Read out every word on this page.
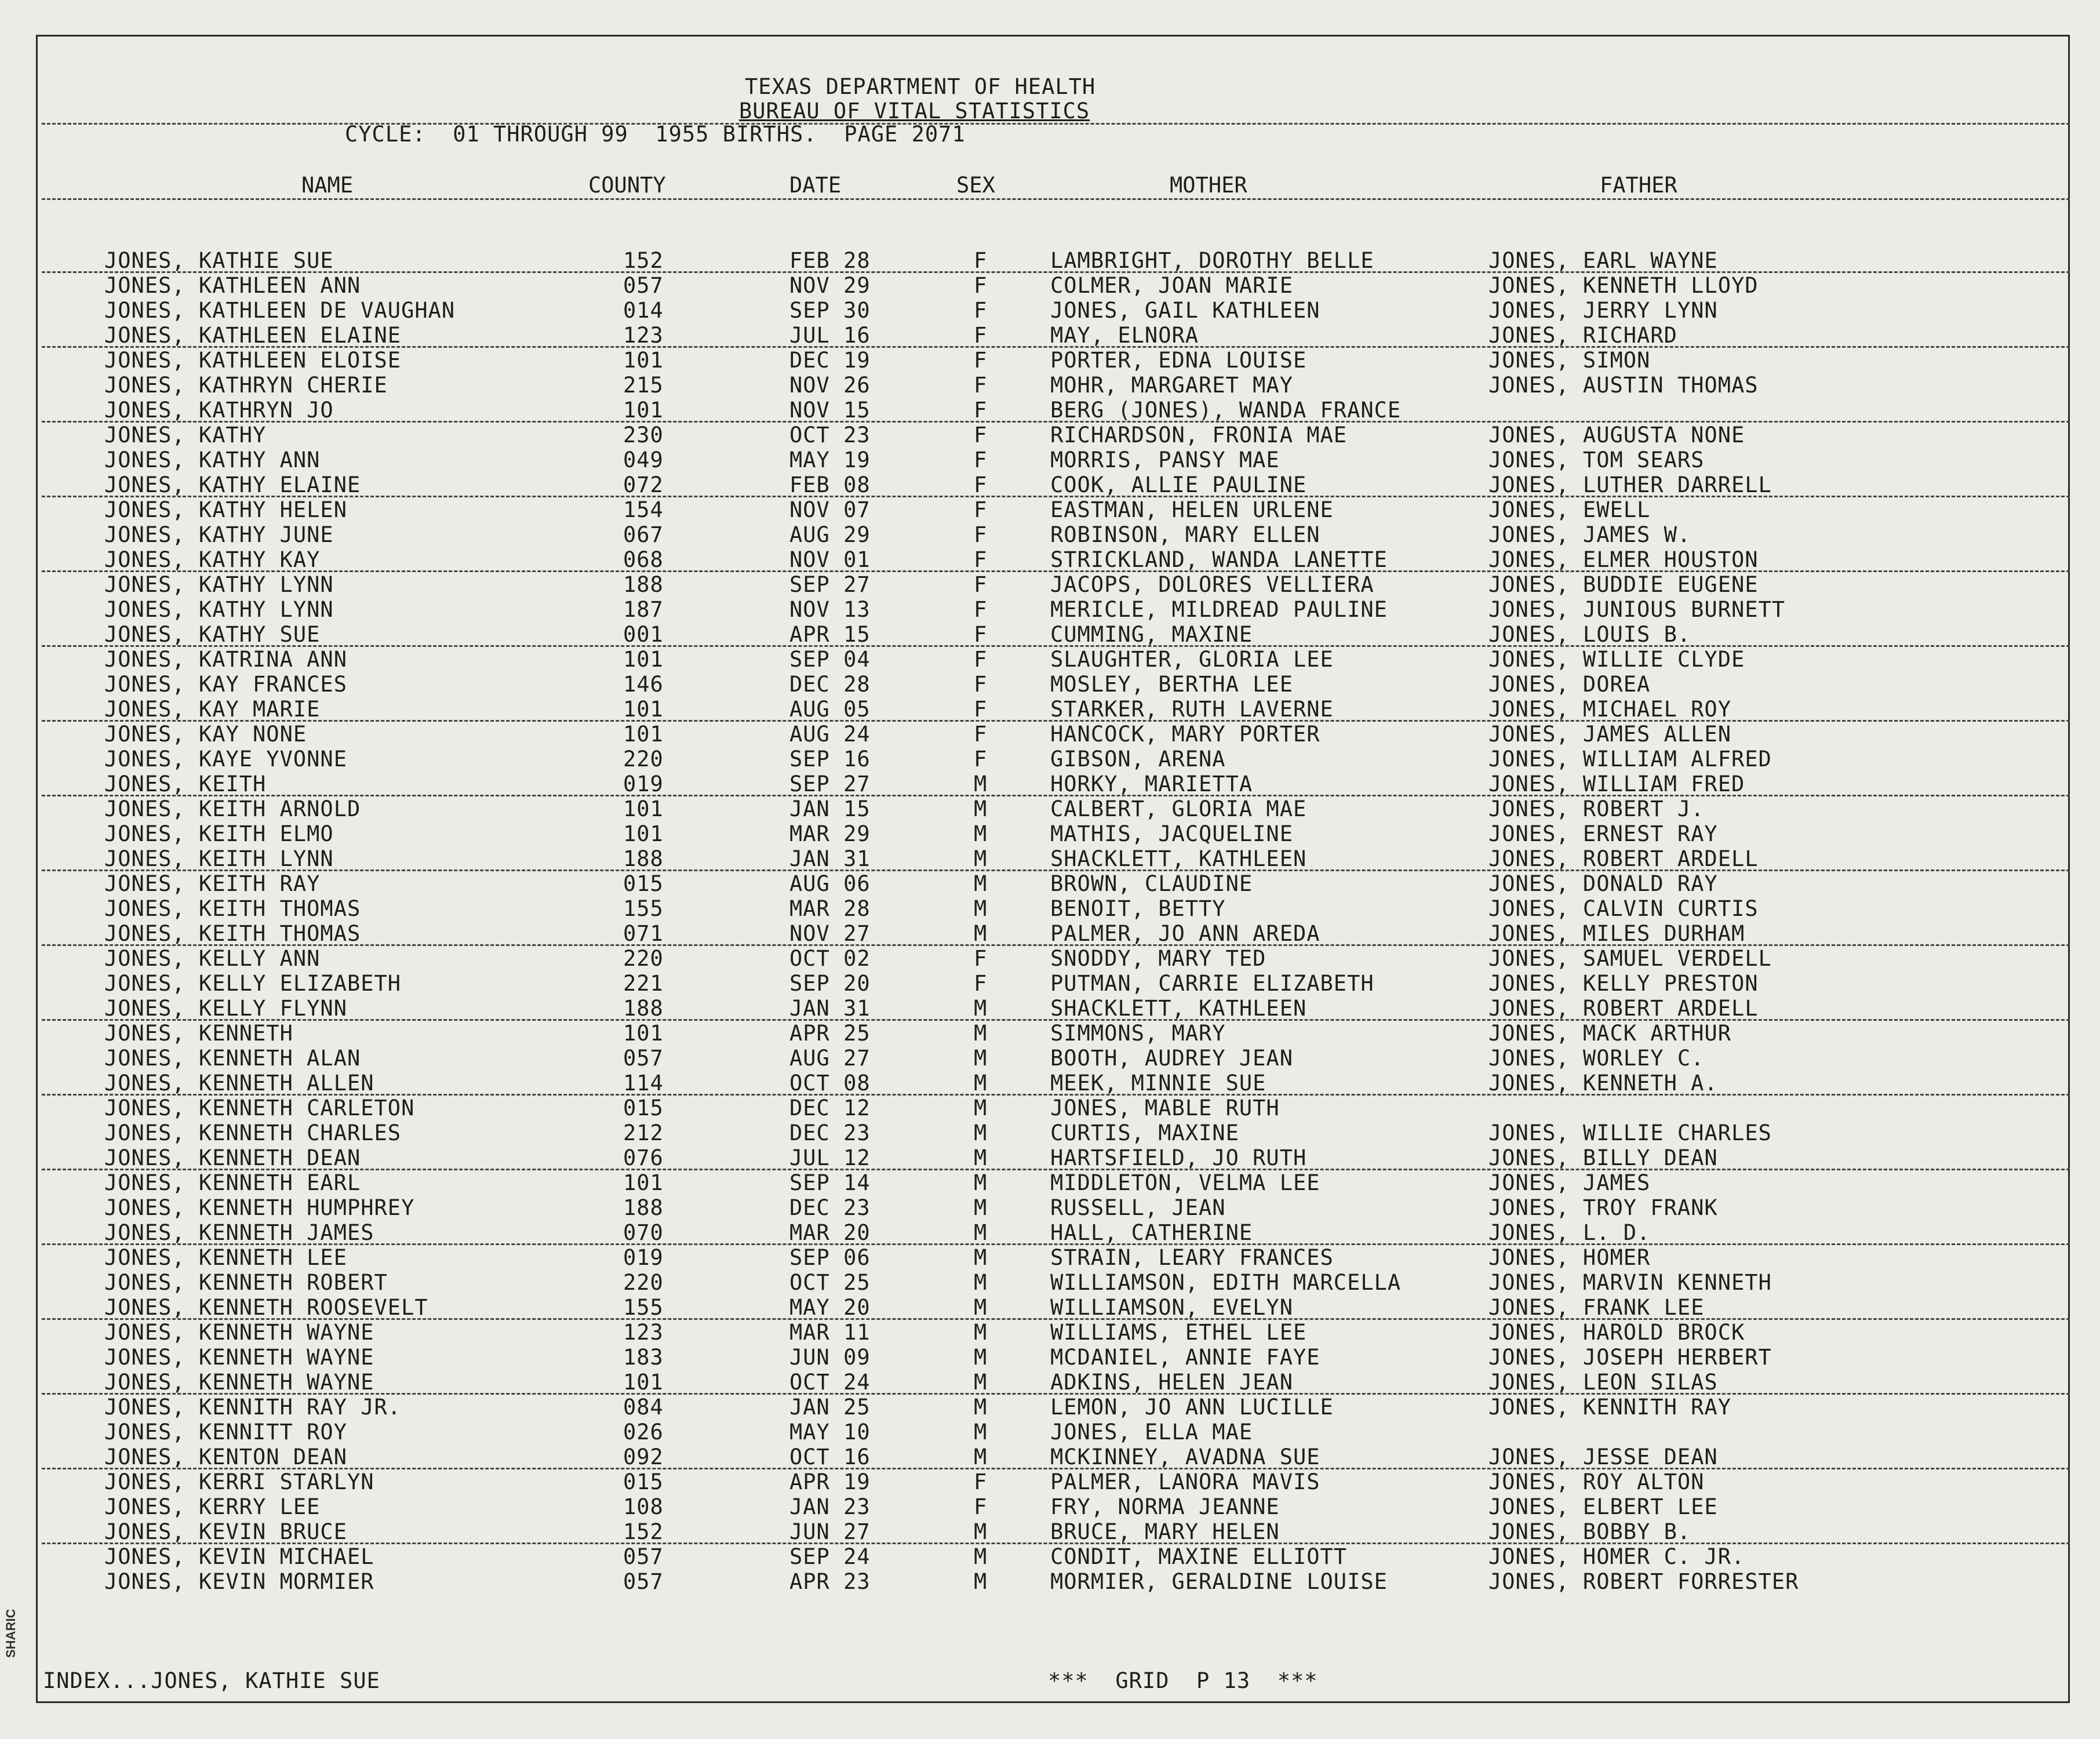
SHARIC
TEXAS DEPARTMENT OF HEALTH
BUREAU OF VITAL STATISTICS
CYCLE:  01 THROUGH 99  1955 BIRTHS.  PAGE 2071
NAME	COUNTY	DATE	SEX	MOTHER	FATHER
JONES, KATHIE SUE	152	FEB 28	F	LAMBRIGHT, DOROTHY BELLE	JONES, EARL WAYNE
JONES, KATHLEEN ANN	057	NOV 29	F	COLMER, JOAN MARIE	JONES, KENNETH LLOYD
JONES, KATHLEEN DE VAUGHAN	014	SEP 30	F	JONES, GAIL KATHLEEN	JONES, JERRY LYNN
JONES, KATHLEEN ELAINE	123	JUL 16	F	MAY, ELNORA	JONES, RICHARD
JONES, KATHLEEN ELOISE	101	DEC 19	F	PORTER, EDNA LOUISE	JONES, SIMON
JONES, KATHRYN CHERIE	215	NOV 26	F	MOHR, MARGARET MAY	JONES, AUSTIN THOMAS
JONES, KATHRYN JO	101	NOV 15	F	BERG (JONES), WANDA FRANCE
JONES, KATHY	230	OCT 23	F	RICHARDSON, FRONIA MAE	JONES, AUGUSTA NONE
JONES, KATHY ANN	049	MAY 19	F	MORRIS, PANSY MAE	JONES, TOM SEARS
JONES, KATHY ELAINE	072	FEB 08	F	COOK, ALLIE PAULINE	JONES, LUTHER DARRELL
JONES, KATHY HELEN	154	NOV 07	F	EASTMAN, HELEN URLENE	JONES, EWELL
JONES, KATHY JUNE	067	AUG 29	F	ROBINSON, MARY ELLEN	JONES, JAMES W.
JONES, KATHY KAY	068	NOV 01	F	STRICKLAND, WANDA LANETTE	JONES, ELMER HOUSTON
JONES, KATHY LYNN	188	SEP 27	F	JACOPS, DOLORES VELLIERA	JONES, BUDDIE EUGENE
JONES, KATHY LYNN	187	NOV 13	F	MERICLE, MILDREAD PAULINE	JONES, JUNIOUS BURNETT
JONES, KATHY SUE	001	APR 15	F	CUMMING, MAXINE	JONES, LOUIS B.
JONES, KATRINA ANN	101	SEP 04	F	SLAUGHTER, GLORIA LEE	JONES, WILLIE CLYDE
JONES, KAY FRANCES	146	DEC 28	F	MOSLEY, BERTHA LEE	JONES, DOREA
JONES, KAY MARIE	101	AUG 05	F	STARKER, RUTH LAVERNE	JONES, MICHAEL ROY
JONES, KAY NONE	101	AUG 24	F	HANCOCK, MARY PORTER	JONES, JAMES ALLEN
JONES, KAYE YVONNE	220	SEP 16	F	GIBSON, ARENA	JONES, WILLIAM ALFRED
JONES, KEITH	019	SEP 27	M	HORKY, MARIETTA	JONES, WILLIAM FRED
JONES, KEITH ARNOLD	101	JAN 15	M	CALBERT, GLORIA MAE	JONES, ROBERT J.
JONES, KEITH ELMO	101	MAR 29	M	MATHIS, JACQUELINE	JONES, ERNEST RAY
JONES, KEITH LYNN	188	JAN 31	M	SHACKLETT, KATHLEEN	JONES, ROBERT ARDELL
JONES, KEITH RAY	015	AUG 06	M	BROWN, CLAUDINE	JONES, DONALD RAY
JONES, KEITH THOMAS	155	MAR 28	M	BENOIT, BETTY	JONES, CALVIN CURTIS
JONES, KEITH THOMAS	071	NOV 27	M	PALMER, JO ANN AREDA	JONES, MILES DURHAM
JONES, KELLY ANN	220	OCT 02	F	SNODDY, MARY TED	JONES, SAMUEL VERDELL
JONES, KELLY ELIZABETH	221	SEP 20	F	PUTMAN, CARRIE ELIZABETH	JONES, KELLY PRESTON
JONES, KELLY FLYNN	188	JAN 31	M	SHACKLETT, KATHLEEN	JONES, ROBERT ARDELL
JONES, KENNETH	101	APR 25	M	SIMMONS, MARY	JONES, MACK ARTHUR
JONES, KENNETH ALAN	057	AUG 27	M	BOOTH, AUDREY JEAN	JONES, WORLEY C.
JONES, KENNETH ALLEN	114	OCT 08	M	MEEK, MINNIE SUE	JONES, KENNETH A.
JONES, KENNETH CARLETON	015	DEC 12	M	JONES, MABLE RUTH
JONES, KENNETH CHARLES	212	DEC 23	M	CURTIS, MAXINE	JONES, WILLIE CHARLES
JONES, KENNETH DEAN	076	JUL 12	M	HARTSFIELD, JO RUTH	JONES, BILLY DEAN
JONES, KENNETH EARL	101	SEP 14	M	MIDDLETON, VELMA LEE	JONES, JAMES
JONES, KENNETH HUMPHREY	188	DEC 23	M	RUSSELL, JEAN	JONES, TROY FRANK
JONES, KENNETH JAMES	070	MAR 20	M	HALL, CATHERINE	JONES, L. D.
JONES, KENNETH LEE	019	SEP 06	M	STRAIN, LEARY FRANCES	JONES, HOMER
JONES, KENNETH ROBERT	220	OCT 25	M	WILLIAMSON, EDITH MARCELLA	JONES, MARVIN KENNETH
JONES, KENNETH ROOSEVELT	155	MAY 20	M	WILLIAMSON, EVELYN	JONES, FRANK LEE
JONES, KENNETH WAYNE	123	MAR 11	M	WILLIAMS, ETHEL LEE	JONES, HAROLD BROCK
JONES, KENNETH WAYNE	183	JUN 09	M	MCDANIEL, ANNIE FAYE	JONES, JOSEPH HERBERT
JONES, KENNETH WAYNE	101	OCT 24	M	ADKINS, HELEN JEAN	JONES, LEON SILAS
JONES, KENNITH RAY JR.	084	JAN 25	M	LEMON, JO ANN LUCILLE	JONES, KENNITH RAY
JONES, KENNITT ROY	026	MAY 10	M	JONES, ELLA MAE
JONES, KENTON DEAN	092	OCT 16	M	MCKINNEY, AVADNA SUE	JONES, JESSE DEAN
JONES, KERRI STARLYN	015	APR 19	F	PALMER, LANORA MAVIS	JONES, ROY ALTON
JONES, KERRY LEE	108	JAN 23	F	FRY, NORMA JEANNE	JONES, ELBERT LEE
JONES, KEVIN BRUCE	152	JUN 27	M	BRUCE, MARY HELEN	JONES, BOBBY B.
JONES, KEVIN MICHAEL	057	SEP 24	M	CONDIT, MAXINE ELLIOTT	JONES, HOMER C. JR.
JONES, KEVIN MORMIER	057	APR 23	M	MORMIER, GERALDINE LOUISE	JONES, ROBERT FORRESTER
INDEX...JONES, KATHIE SUE	***  GRID  P 13  ***
